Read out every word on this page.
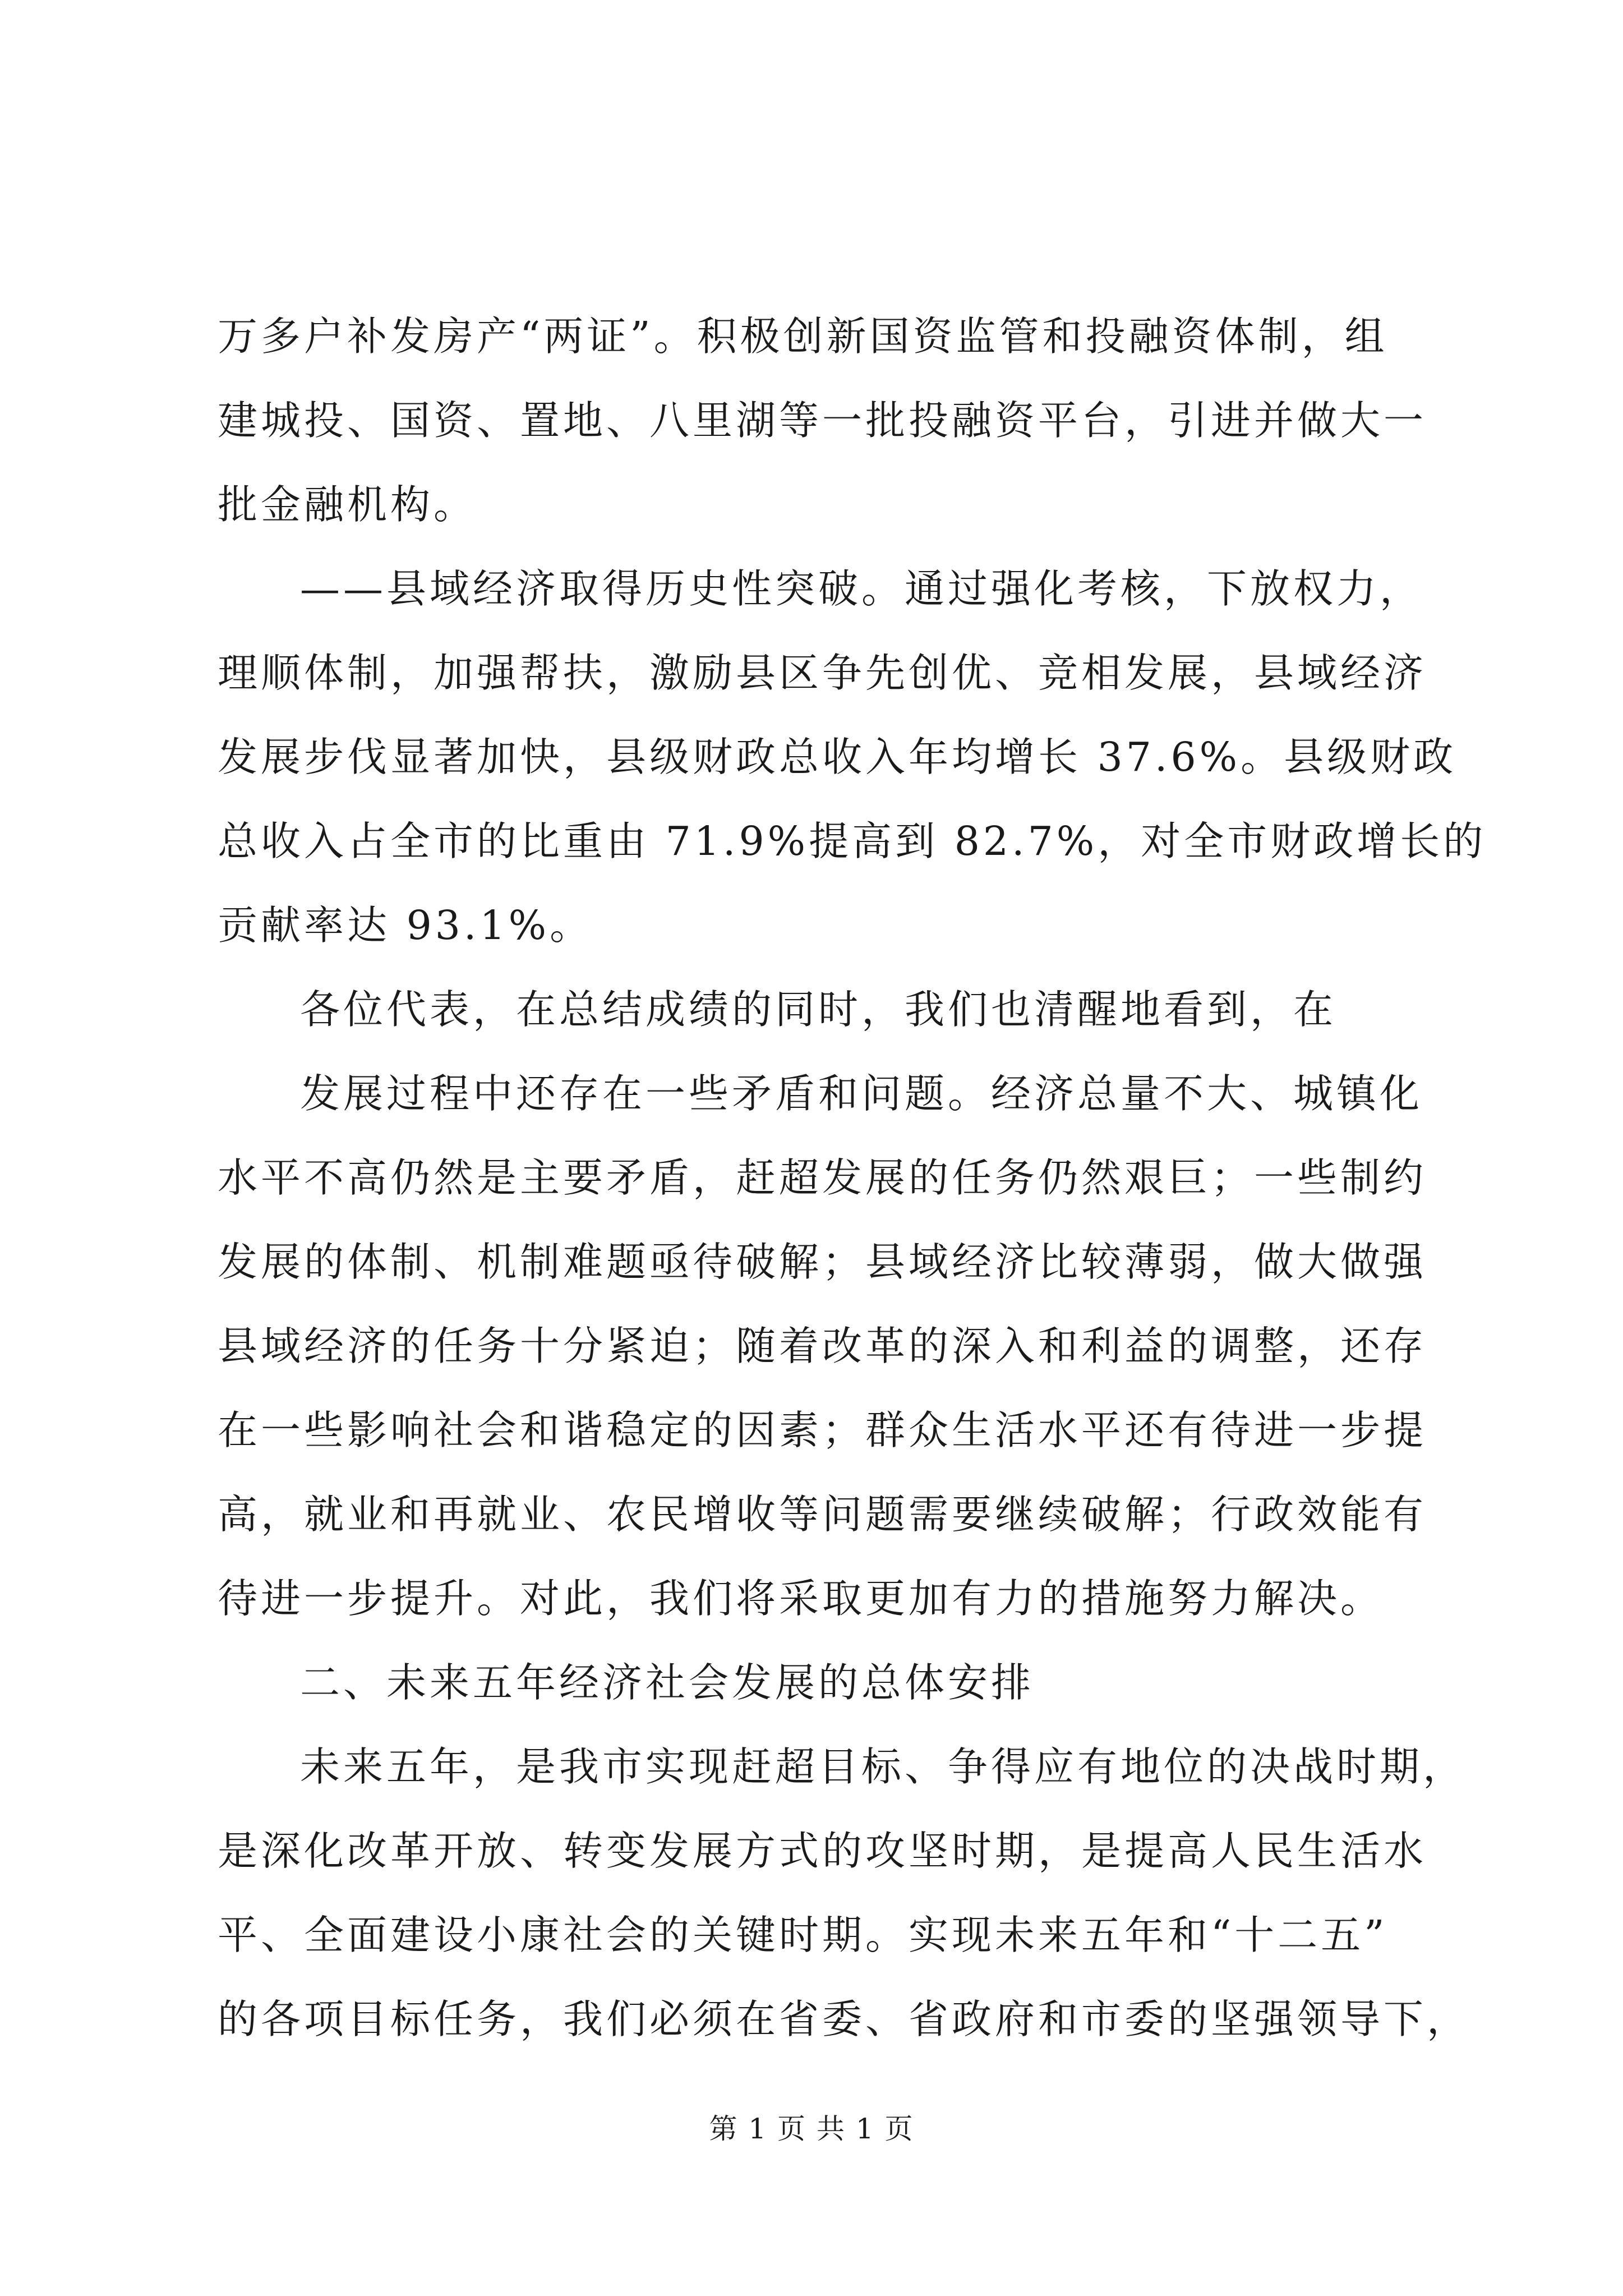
万多户补发房产“两证”。积极创新国资监管和投融资体制，组
建城投、国资、置地、八里湖等一批投融资平台，引进并做大一
批金融机构。
——县域经济取得历史性突破。通过强化考核，下放权力，
理顺体制，加强帮扶，激励县区争先创优、竞相发展，县域经济
发展步伐显著加快，县级财政总收入年均增长 37.6%。县级财政
总收入占全市的比重由 71.9%提高到 82.7%，对全市财政增长的
贡献率达 93.1%。
各位代表，在总结成绩的同时，我们也清醒地看到，在
发展过程中还存在一些矛盾和问题。经济总量不大、城镇化
水平不高仍然是主要矛盾，赶超发展的任务仍然艰巨；一些制约
发展的体制、机制难题亟待破解；县域经济比较薄弱，做大做强
县域经济的任务十分紧迫；随着改革的深入和利益的调整，还存
在一些影响社会和谐稳定的因素；群众生活水平还有待进一步提
高，就业和再就业、农民增收等问题需要继续破解；行政效能有
待进一步提升。对此，我们将采取更加有力的措施努力解决。
二、未来五年经济社会发展的总体安排
未来五年，是我市实现赶超目标、争得应有地位的决战时期，
是深化改革开放、转变发展方式的攻坚时期，是提高人民生活水
平、全面建设小康社会的关键时期。实现未来五年和“十二五”
的各项目标任务，我们必须在省委、省政府和市委的坚强领导下，
第 1 页 共 1 页
